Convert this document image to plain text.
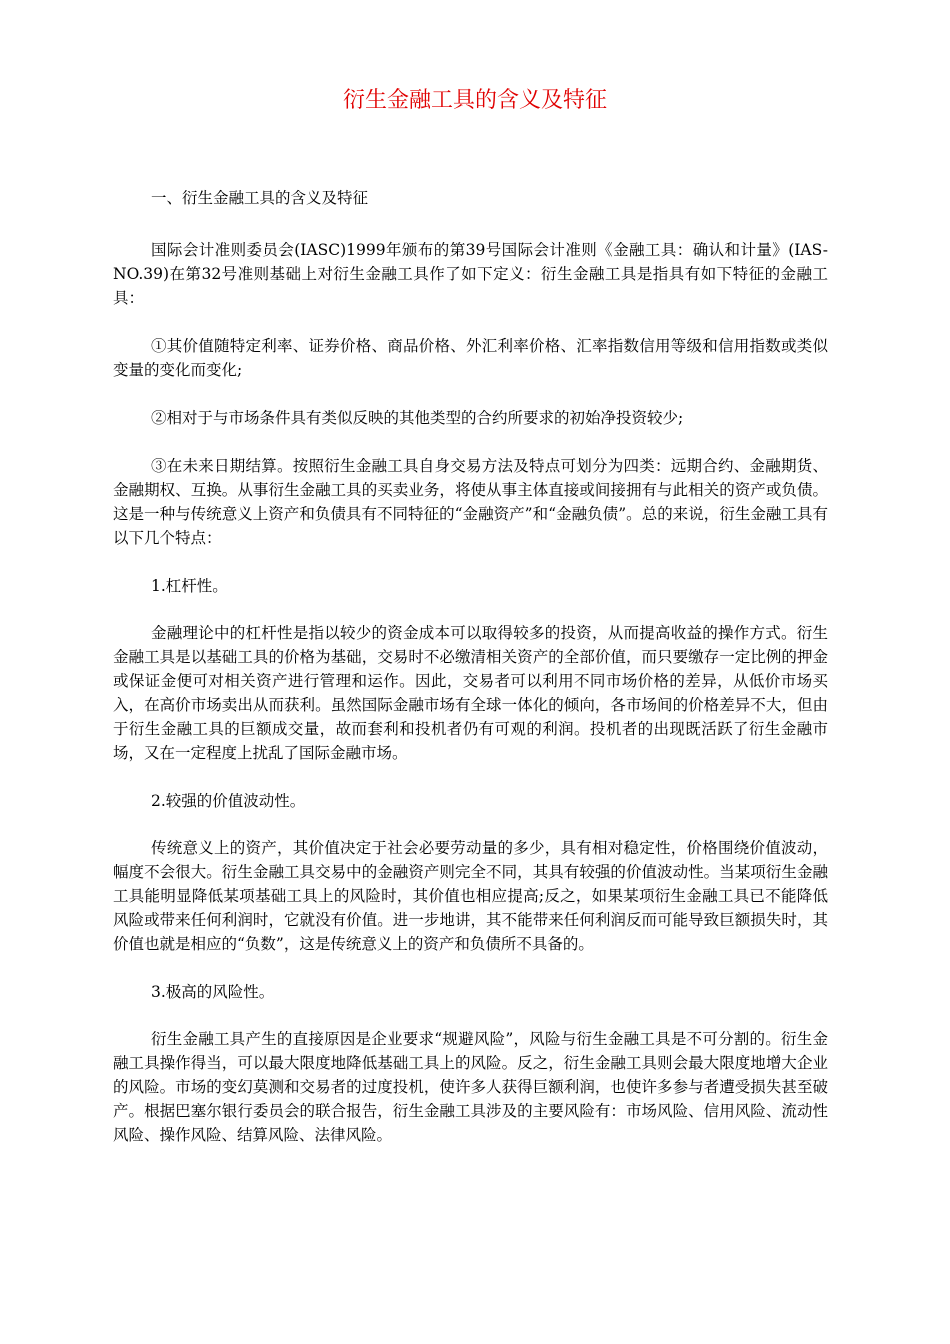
衍生金融工具的含义及特征

一、衍生金融工具的含义及特征

国际会计准则委员会(IASC)1999年颁布的第39号国际会计准则《金融工具：确认和计量》(IAS-NO.39)在第32号准则基础上对衍生金融工具作了如下定义：衍生金融工具是指具有如下特征的金融工具：

①其价值随特定利率、证券价格、商品价格、外汇利率价格、汇率指数信用等级和信用指数或类似变量的变化而变化;

②相对于与市场条件具有类似反映的其他类型的合约所要求的初始净投资较少;

③在未来日期结算。按照衍生金融工具自身交易方法及特点可划分为四类：远期合约、金融期货、金融期权、互换。从事衍生金融工具的买卖业务，将使从事主体直接或间接拥有与此相关的资产或负债。这是一种与传统意义上资产和负债具有不同特征的“金融资产”和“金融负债”。总的来说，衍生金融工具有以下几个特点：

1.杠杆性。

金融理论中的杠杆性是指以较少的资金成本可以取得较多的投资，从而提高收益的操作方式。衍生金融工具是以基础工具的价格为基础，交易时不必缴清相关资产的全部价值，而只要缴存一定比例的押金或保证金便可对相关资产进行管理和运作。因此，交易者可以利用不同市场价格的差异，从低价市场买入，在高价市场卖出从而获利。虽然国际金融市场有全球一体化的倾向，各市场间的价格差异不大，但由于衍生金融工具的巨额成交量，故而套利和投机者仍有可观的利润。投机者的出现既活跃了衍生金融市场，又在一定程度上扰乱了国际金融市场。

2.较强的价值波动性。

传统意义上的资产，其价值决定于社会必要劳动量的多少，具有相对稳定性，价格围绕价值波动，幅度不会很大。衍生金融工具交易中的金融资产则完全不同，其具有较强的价值波动性。当某项衍生金融工具能明显降低某项基础工具上的风险时，其价值也相应提高;反之，如果某项衍生金融工具已不能降低风险或带来任何利润时，它就没有价值。进一步地讲，其不能带来任何利润反而可能导致巨额损失时，其价值也就是相应的“负数”，这是传统意义上的资产和负债所不具备的。

3.极高的风险性。

衍生金融工具产生的直接原因是企业要求“规避风险”，风险与衍生金融工具是不可分割的。衍生金融工具操作得当，可以最大限度地降低基础工具上的风险。反之，衍生金融工具则会最大限度地增大企业的风险。市场的变幻莫测和交易者的过度投机，使许多人获得巨额利润，也使许多参与者遭受损失甚至破产。根据巴塞尔银行委员会的联合报告，衍生金融工具涉及的主要风险有：市场风险、信用风险、流动性风险、操作风险、结算风险、法律风险。
